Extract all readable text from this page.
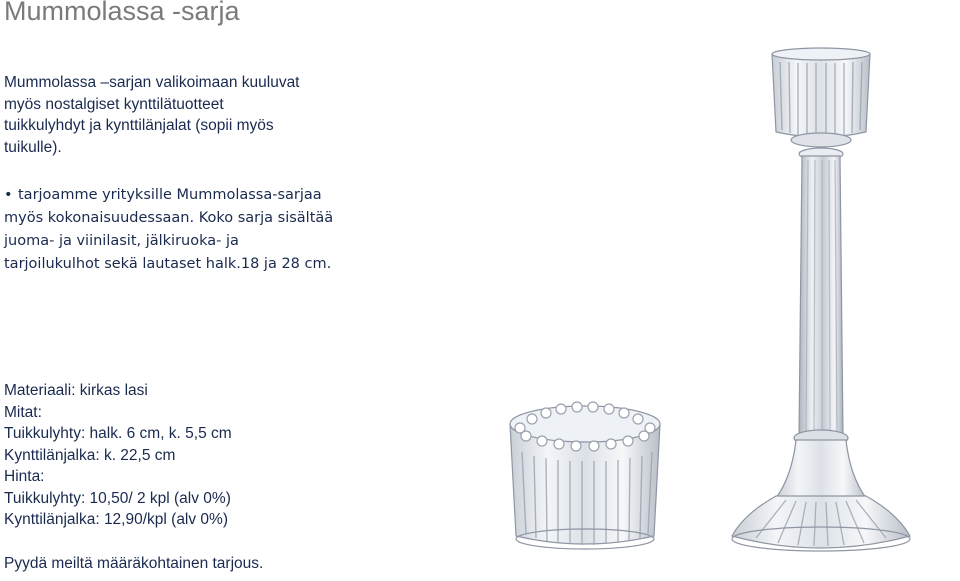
Mummolassa -sarja
Mummolassa –sarjan valikoimaan kuuluvat
myös nostalgiset kynttilätuotteet
tuikkulyhdyt ja kynttilänjalat (sopii myös
tuikulle).
• tarjoamme yrityksille Mummolassa-sarjaa
myös kokonaisuudessaan. Koko sarja sisältää
juoma- ja viinilasit, jälkiruoka- ja
tarjoilukulhot sekä lautaset halk.18 ja 28 cm.
Materiaali: kirkas lasi
Mitat:
Tuikkulyhty: halk. 6 cm, k. 5,5 cm
Kynttilänjalka: k. 22,5 cm
Hinta:
Tuikkulyhty: 10,50/ 2 kpl (alv 0%)
Kynttilänjalka: 12,90/kpl (alv 0%)
Pyydä meiltä määräkohtainen tarjous.
